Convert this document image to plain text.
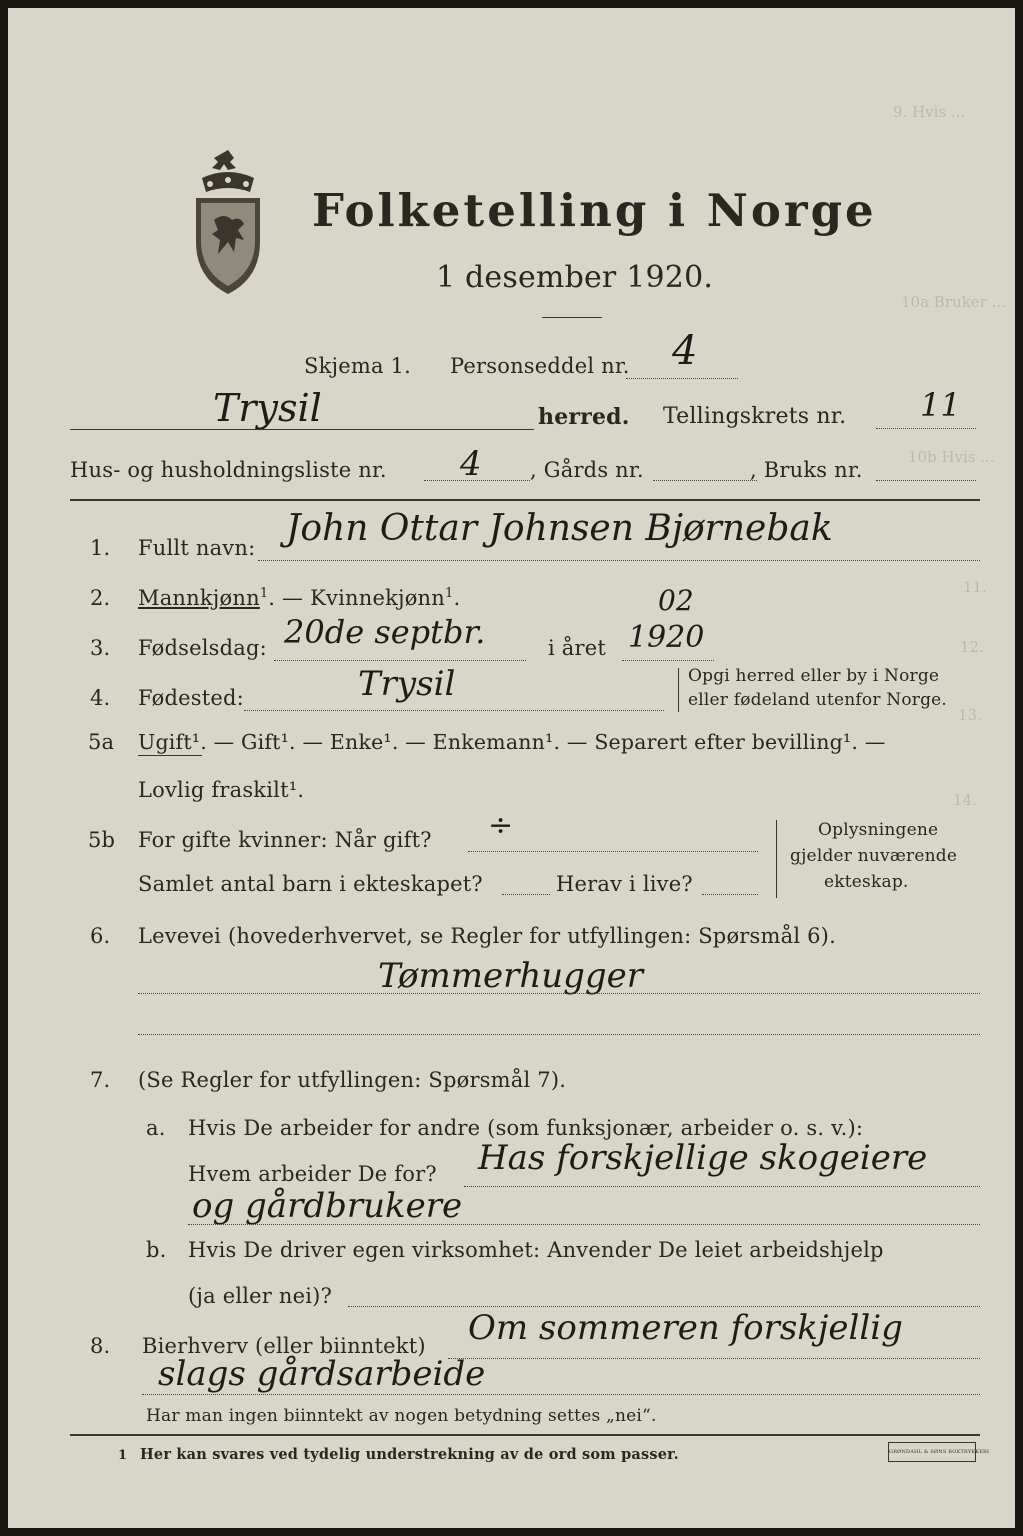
9. Hvis ...
10a Bruker ...
10b Hvis ...
11.
12.
13.
14.
Folketelling i Norge
1 desember 1920.
Skjema 1. Personseddel nr. 4
Trysil	herred. Tellingskrets nr. 11
Hus- og husholdningsliste nr. 4 , Gårds nr.	, Bruks nr.
1. Fullt navn: John Ottar Johnsen Bjørnebak
2. Mannkjønn$^1$. — Kvinnekjønn$^1$.
3. Fødselsdag: 20de septbr.	i året 1920
02
4. Fødested:	Trysil	Opgi herred eller by i Norge
eller fødeland utenfor Norge.
5a Ugift¹. — Gift¹. — Enke¹. — Enkemann¹. — Separert efter bevilling¹. —
Lovlig fraskilt¹.
5b For gifte kvinner: Når gift? ÷
Samlet antal barn i ekteskapet?	Herav i live?
Oplysningene
gjelder nuværende
ekteskap.
6. Levevei (hovederhvervet, se Regler for utfyllingen: Spørsmål 6).
Tømmerhugger
7. (Se Regler for utfyllingen: Spørsmål 7).
a. Hvis De arbeider for andre (som funksjonær, arbeider o. s. v.):
Hvem arbeider De for? Has forskjellige skogeiere
og gårdbrukere
b. Hvis De driver egen virksomhet: Anvender De leiet arbeidshjelp
(ja eller nei)?
8. Bierhverv (eller biinntekt) Om sommeren forskjellig
slags gårdsarbeide
Har man ingen biinntekt av nogen betydning settes „nei“.
1 Her kan svares ved tydelig understrekning av de ord som passer.	GRØNDAHL & SØNS BOKTRYKKERI
